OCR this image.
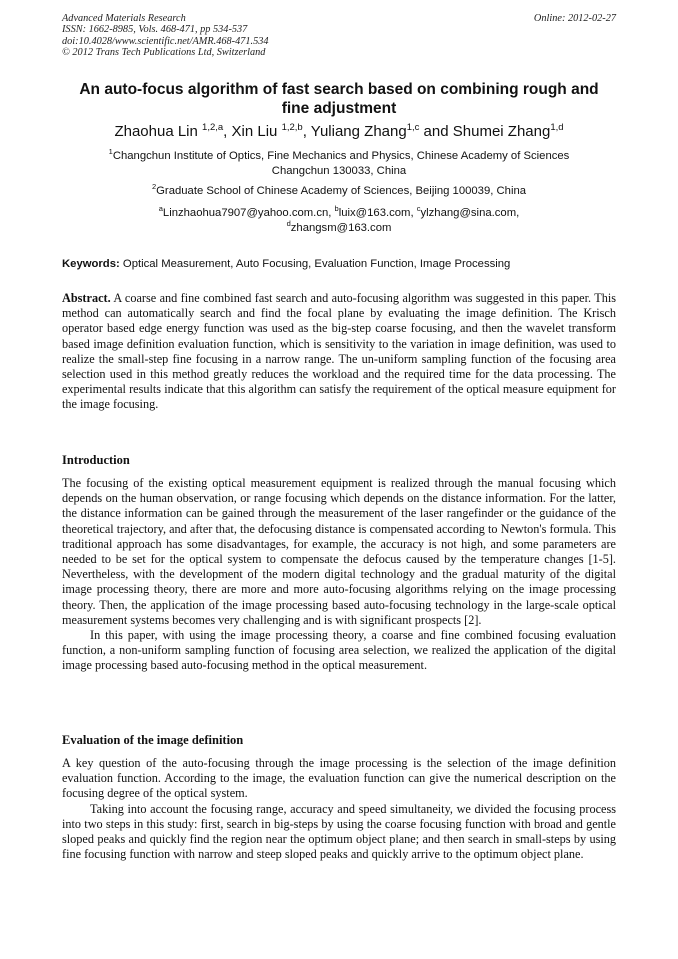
Advanced Materials Research
ISSN: 1662-8985, Vols. 468-471, pp 534-537
doi:10.4028/www.scientific.net/AMR.468-471.534
© 2012 Trans Tech Publications Ltd, Switzerland
Online: 2012-02-27
An auto-focus algorithm of fast search based on combining rough and
fine adjustment
Zhaohua Lin $^{1,2,a}$, Xin Liu $^{1,2,b}$, Yuliang Zhang$^{1,c}$ and Shumei Zhang$^{1,d}$
$^1$Changchun Institute of Optics, Fine Mechanics and Physics, Chinese Academy of Sciences
Changchun 130033, China
$^2$Graduate School of Chinese Academy of Sciences, Beijing 100039, China
$^a$Linzhaohua7907@yahoo.com.cn, $^b$luix@163.com, $^c$ylzhang@sina.com,
$^d$zhangsm@163.com
Keywords: Optical Measurement, Auto Focusing, Evaluation Function, Image Processing

Abstract. A coarse and fine combined fast search and auto-focusing algorithm was suggested in this paper. This method can automatically search and find the focal plane by evaluating the image definition. The Krisch operator based edge energy function was used as the big-step coarse focusing, and then the wavelet transform based image definition evaluation function, which is sensitivity to the variation in image definition, was used to realize the small-step fine focusing in a narrow range. The un-uniform sampling function of the focusing area selection used in this method greatly reduces the workload and the required time for the data processing. The experimental results indicate that this algorithm can satisfy the requirement of the optical measure equipment for the image focusing.

Introduction

The focusing of the existing optical measurement equipment is realized through the manual focusing which depends on the human observation, or range focusing which depends on the distance information. For the latter, the distance information can be gained through the measurement of the laser rangefinder or the guidance of the theoretical trajectory, and after that, the defocusing distance is compensated according to Newton's formula. This traditional approach has some disadvantages, for example, the accuracy is not high, and some parameters are needed to be set for the optical system to compensate the defocus caused by the temperature changes [1-5]. Nevertheless, with the development of the modern digital technology and the gradual maturity of the digital image processing theory, there are more and more auto-focusing algorithms relying on the image processing theory. Then, the application of the image processing based auto-focusing technology in the large-scale optical measurement systems becomes very challenging and is with significant prospects [2].

In this paper, with using the image processing theory, a coarse and fine combined focusing evaluation function, a non-uniform sampling function of focusing area selection, we realized the application of the digital image processing based auto-focusing method in the optical measurement.

Evaluation of the image definition

A key question of the auto-focusing through the image processing is the selection of the image definition evaluation function. According to the image, the evaluation function can give the numerical description on the focusing degree of the optical system.

Taking into account the focusing range, accuracy and speed simultaneity, we divided the focusing process into two steps in this study: first, search in big-steps by using the coarse focusing function with broad and gentle sloped peaks and quickly find the region near the optimum object plane; and then search in small-steps by using fine focusing function with narrow and steep sloped peaks and quickly arrive to the optimum object plane.
